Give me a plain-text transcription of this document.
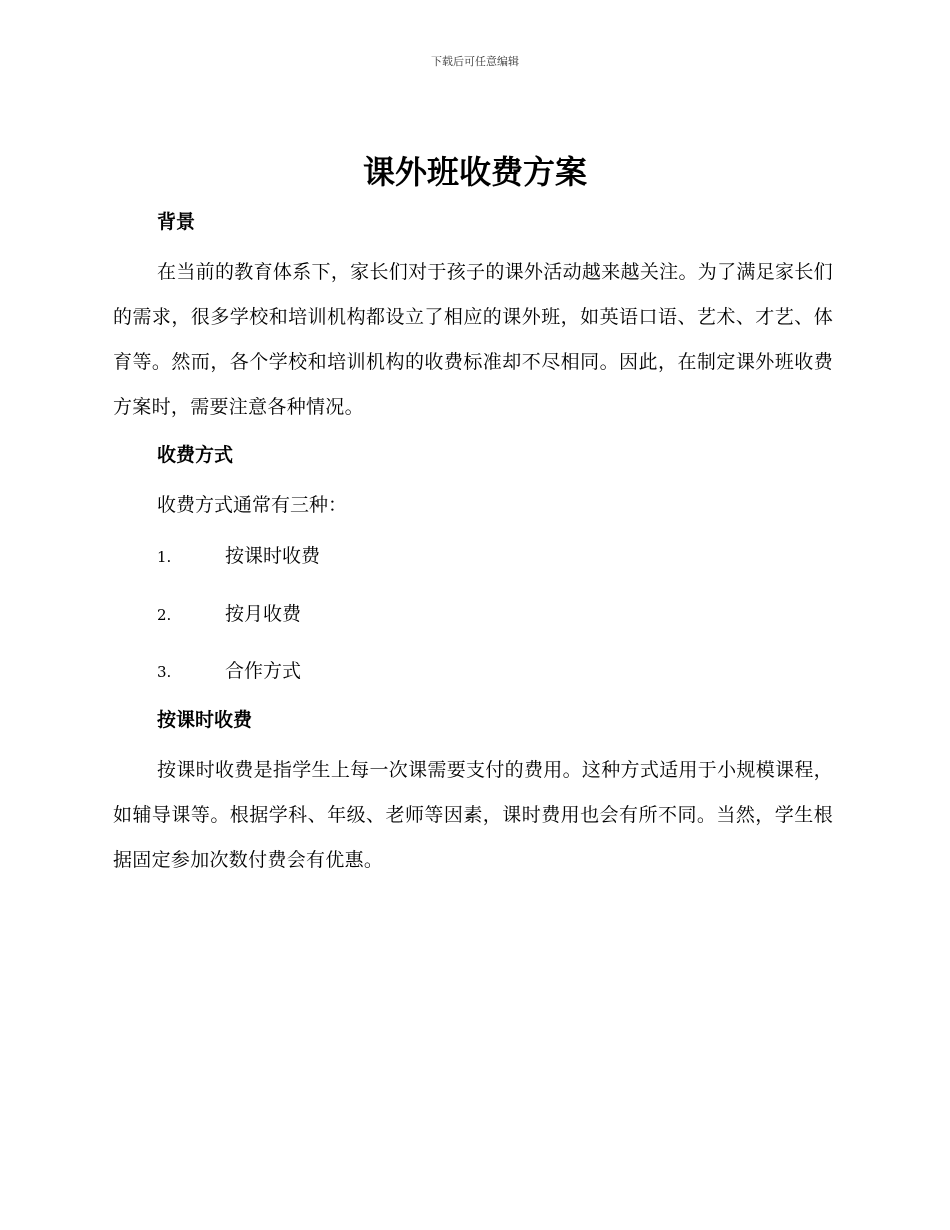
下载后可任意编辑
课外班收费方案
背景

在当前的教育体系下，家长们对于孩子的课外活动越来越关注。为了满足家长们的需求，很多学校和培训机构都设立了相应的课外班，如英语口语、艺术、才艺、体育等。然而，各个学校和培训机构的收费标准却不尽相同。因此，在制定课外班收费方案时，需要注意各种情况。

收费方式

收费方式通常有三种：

1.	按课时收费
2.	按月收费
3.	合作方式
按课时收费

按课时收费是指学生上每一次课需要支付的费用。这种方式适用于小规模课程，如辅导课等。根据学科、年级、老师等因素，课时费用也会有所不同。当然，学生根据固定参加次数付费会有优惠。
